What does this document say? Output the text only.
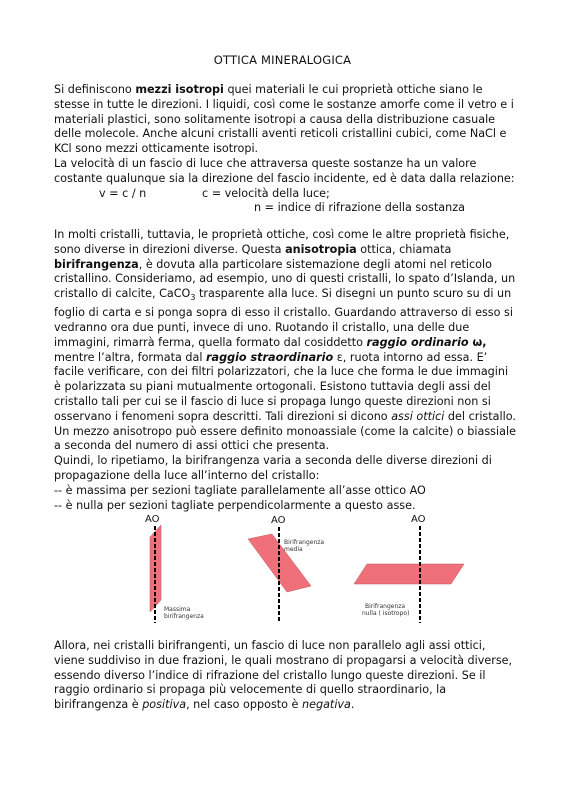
OTTICA MINERALOGICA
Si definiscono mezzi isotropi quei materiali le cui proprietà ottiche siano le stesse in tutte le direzioni. I liquidi, così come le sostanze amorfe come il vetro e i materiali plastici, sono solitamente isotropi a causa della distribuzione casuale delle molecole. Anche alcuni cristalli aventi reticoli cristallini cubici, come NaCl e KCl sono mezzi otticamente isotropi.
La velocità di un fascio di luce che attraversa queste sostanze ha un valore costante qualunque sia la direzione del fascio incidente, ed è data dalla relazione:
v = c / n	c = velocità della luce;
n = indice di rifrazione della sostanza
In molti cristalli, tuttavia, le proprietà ottiche, così come le altre proprietà fisiche, sono diverse in direzioni diverse. Questa anisotropia ottica, chiamata birifrangenza, è dovuta alla particolare sistemazione degli atomi nel reticolo cristallino. Consideriamo, ad esempio, uno di questi cristalli, lo spato d’Islanda, un cristallo di calcite, CaCO$_3$ trasparente alla luce. Si disegni un punto scuro su di un foglio di carta e si ponga sopra di esso il cristallo. Guardando attraverso di esso si vedranno ora due punti, invece di uno. Ruotando il cristallo, una delle due immagini, rimarrà ferma, quella formato dal cosiddetto raggio ordinario ω, mentre l’altra, formata dal raggio straordinario ε, ruota intorno ad essa. E’ facile verificare, con dei filtri polarizzatori, che la luce che forma le due immagini è polarizzata su piani mutualmente ortogonali. Esistono tuttavia degli assi del cristallo tali per cui se il fascio di luce si propaga lungo queste direzioni non si osservano i fenomeni sopra descritti. Tali direzioni si dicono assi ottici del cristallo. Un mezzo anisotropo può essere definito monoassiale (come la calcite) o biassiale a seconda del numero di assi ottici che presenta.
Quindi, lo ripetiamo, la birifrangenza varia a seconda delle diverse direzioni di propagazione della luce all’interno del cristallo:
-- è massima per sezioni tagliate parallelamente all’asse ottico AO
-- è nulla per sezioni tagliate perpendicolarmente a questo asse.
AO
Massima
birifrangenza
AO
Birifrangenza
media
AO
Birifrangenza
nulla ( isotropo)
Allora, nei cristalli birifrangenti, un fascio di luce non parallelo agli assi ottici, viene suddiviso in due frazioni, le quali mostrano di propagarsi a velocità diverse, essendo diverso l’indice di rifrazione del cristallo lungo queste direzioni. Se il raggio ordinario si propaga più velocemente di quello straordinario, la birifrangenza è positiva, nel caso opposto è negativa.
